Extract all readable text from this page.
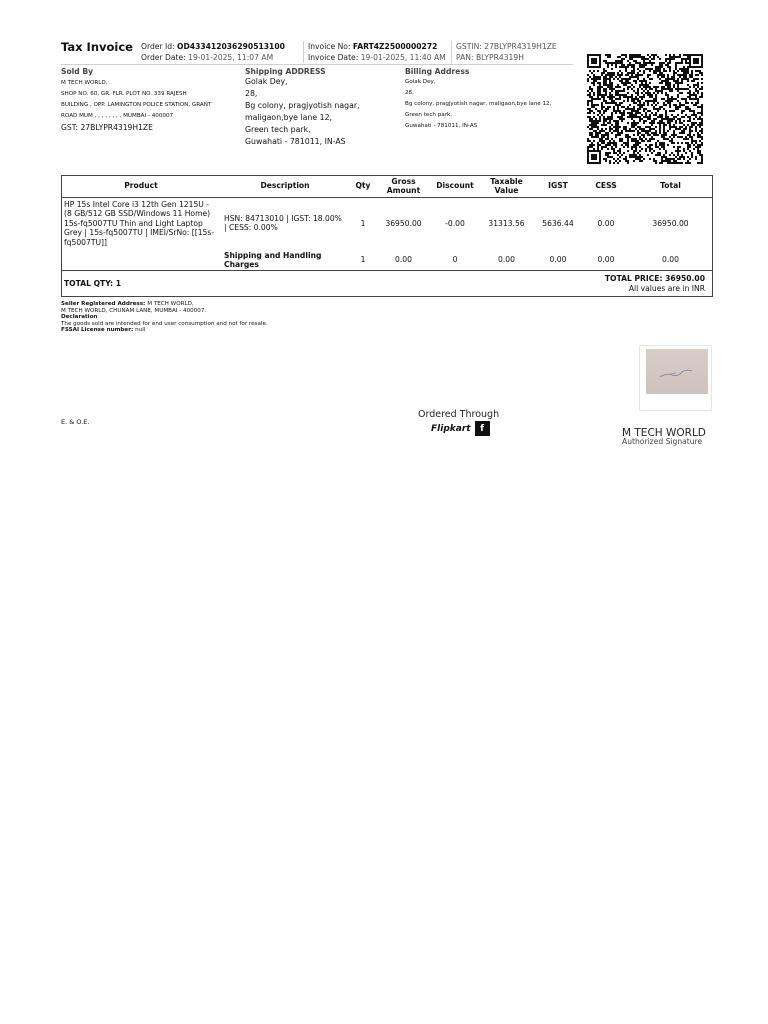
Tax Invoice Order Id: OD433412036290513100
Order Date: 19-01-2025, 11:07 AM
Invoice No: FART4Z2500000272
Invoice Date: 19-01-2025, 11:40 AM
GSTIN: 27BLYPR4319H1ZE
PAN: BLYPR4319H
Sold By
M TECH WORLD,
SHOP NO. 60, GR. FLR. PLOT NO. 339 RAJESH
BUILDING , OPP. LAMINGTON POLICE STATION, GRANT
ROAD MUM , , , , , , , , MUMBAI - 400007
GST: 27BLYPR4319H1ZE
Shipping ADDRESS
Golak Dey,
28,
Bg colony, pragjyotish nagar,
maligaon,bye lane 12,
Green tech park,
Guwahati - 781011, IN-AS
Billing Address
Golak Dey,
28,
Bg colony, pragjyotish nagar, maligaon,bye lane 12,
Green tech park,
Guwahati - 781011, IN-AS
Product	Description	Qty	Gross Amount	Discount	Taxable Value	IGST	CESS	Total
HP 15s Intel Core i3 12th Gen 1215U - (8 GB/512 GB SSD/Windows 11 Home) 15s-fq5007TU Thin and Light Laptop Grey | 15s-fq5007TU | IMEI/SrNo: [[15s-fq5007TU]]	HSN: 84713010 | IGST: 18.00% | CESS: 0.00%	1	36950.00	-0.00	31313.56	5636.44	0.00	36950.00
	Shipping and Handling Charges	1	0.00	0	0.00	0.00	0.00	0.00
TOTAL QTY: 1
TOTAL PRICE: 36950.00
All values are in INR
Seller Registered Address: M TECH WORLD,
M TECH WORLD, CHUNAM LANE, MUMBAI - 400007.
Declaration
The goods sold are intended for end user consumption and not for resale.
FSSAI License number: null
Ordered Through
Flipkart	f
E. & O.E.
M TECH WORLD
Authorized Signature
